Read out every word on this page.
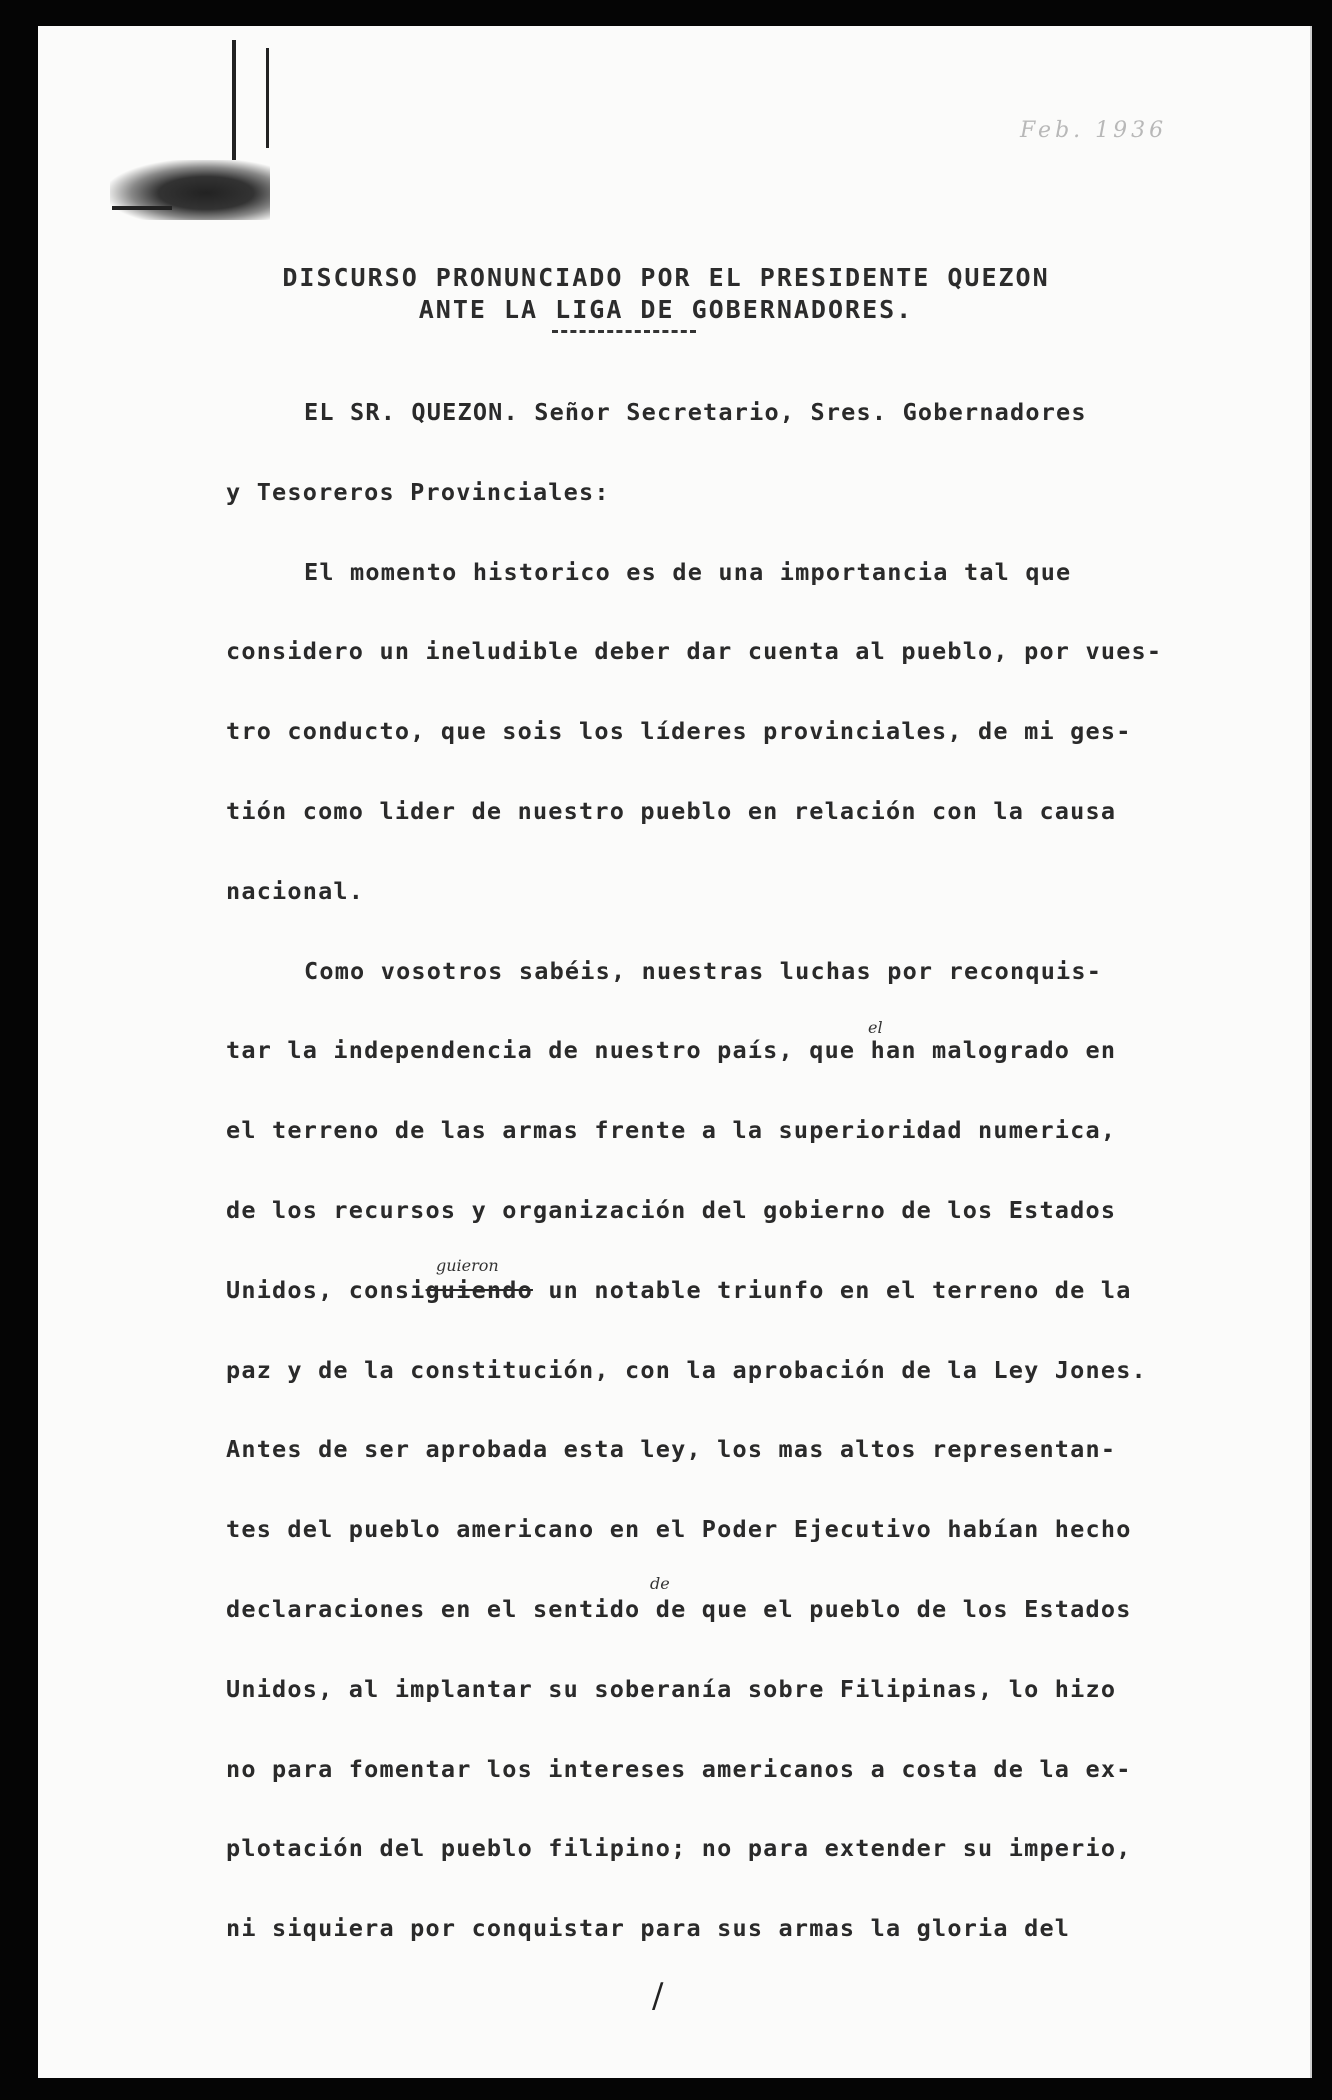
Feb. 1936
DISCURSO PRONUNCIADO POR EL PRESIDENTE QUEZON
ANTE LA LIGA DE GOBERNADORES.
EL SR. QUEZON. Señor Secretario, Sres. Gobernadores
y Tesoreros Provinciales:
El momento historico es de una importancia tal que
considero un ineludible deber dar cuenta al pueblo, por vues-
tro conducto, que sois los líderes provinciales, de mi ges-
tión como lider de nuestro pueblo en relación con la causa
nacional.
Como vosotros sabéis, nuestras luchas por reconquis-
tar la independencia de nuestro país, que han malogrado en
el terreno de las armas frente a la superioridad numerica,
de los recursos y organización del gobierno de los Estados
Unidos, consiguiendo un notable triunfo en el terreno de la
paz y de la constitución, con la aprobación de la Ley Jones.
Antes de ser aprobada esta ley, los mas altos representan-
tes del pueblo americano en el Poder Ejecutivo habían hecho
declaraciones en el sentido de que el pueblo de los Estados
Unidos, al implantar su soberanía sobre Filipinas, lo hizo
no para fomentar los intereses americanos a costa de la ex-
plotación del pueblo filipino; no para extender su imperio,
ni siquiera por conquistar para sus armas la gloria del
el
guieron
de
/
